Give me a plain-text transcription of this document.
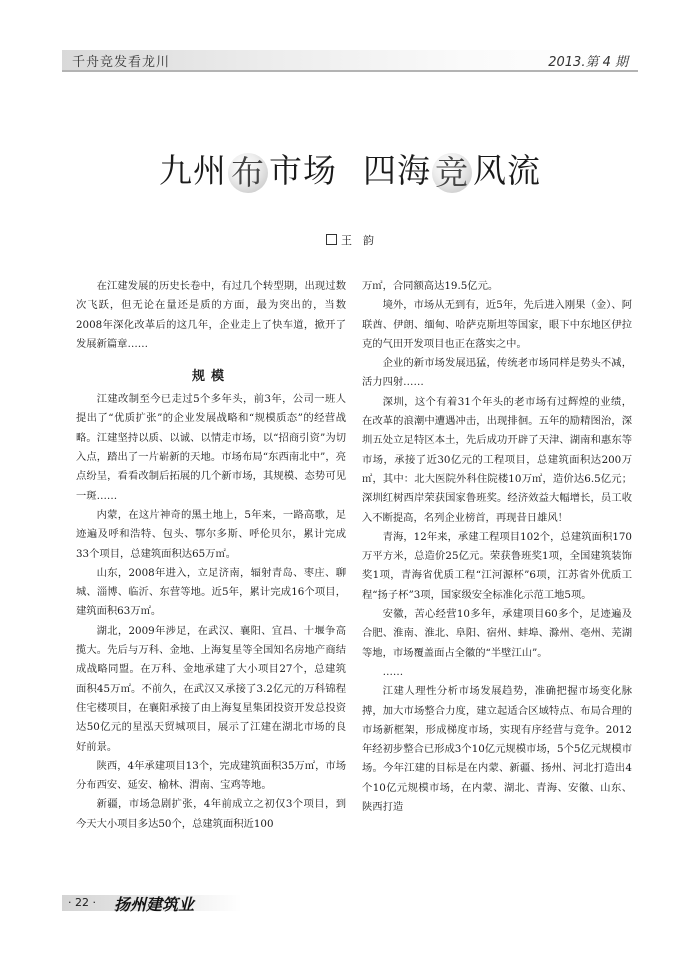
千舟竞发看龙川	2013.第 4 期
九州 布 市场 四海 竞 风流
王　韵

在江建发展的历史长卷中，有过几个转型期，出现过数次飞跃，但无论在量还是质的方面，最为突出的，当数2008年深化改革后的这几年，企业走上了快车道，掀开了发展新篇章……

规模

江建改制至今已走过5个多年头，前3年，公司一班人提出了“优质扩张”的企业发展战略和“规模质态”的经营战略。江建坚持以质、以诚、以情走市场，以“招商引资”为切入点，踏出了一片崭新的天地。市场布局“东西南北中”，亮点纷呈，看看改制后拓展的几个新市场，其规模、态势可见一斑……

内蒙，在这片神奇的黑土地上，5年来，一路高歌，足迹遍及呼和浩特、包头、鄂尔多斯、呼伦贝尔，累计完成33个项目，总建筑面积达65万㎡。

山东，2008年进入，立足济南，辐射青岛、枣庄、聊城、淄博、临沂、东营等地。近5年，累计完成16个项目，建筑面积63万㎡。

湖北，2009年涉足，在武汉、襄阳、宜昌、十堰争高揽大。先后与万科、金地、上海复星等全国知名房地产商结成战略同盟。在万科、金地承建了大小项目27个，总建筑面积45万㎡。不前久，在武汉又承接了3.2亿元的万科锦程住宅楼项目，在襄阳承接了由上海复星集团投资开发总投资达50亿元的星泓天贸城项目，展示了江建在湖北市场的良好前景。

陕西，4年承建项目13个，完成建筑面积35万㎡，市场分布西安、延安、榆林、渭南、宝鸡等地。

新疆，市场急剧扩张，4年前成立之初仅3个项目，到今天大小项目多达50个，总建筑面积近100

万㎡，合同额高达19.5亿元。

境外，市场从无到有，近5年，先后进入刚果（金）、阿联酋、伊朗、缅甸、哈萨克斯坦等国家，眼下中东地区伊拉克的气田开发项目也正在落实之中。

企业的新市场发展迅猛，传统老市场同样是势头不减，活力四射……

深圳，这个有着31个年头的老市场有过辉煌的业绩，在改革的浪潮中遭遇冲击，出现排徊。五年的励精图治，深圳五处立足特区本土，先后成功开辟了天津、湖南和惠东等市场，承接了近30亿元的工程项目，总建筑面积达200万㎡，其中：北大医院外科住院楼10万㎡，造价达6.5亿元；深圳红树西岸荣获国家鲁班奖。经济效益大幅增长，员工收入不断提高，名列企业榜首，再现昔日雄风！

青海，12年来，承建工程项目102个，总建筑面积170万平方米，总造价25亿元。荣获鲁班奖1项，全国建筑装饰奖1项，青海省优质工程“江河源杯”6项，江苏省外优质工程“扬子杯”3项，国家级安全标准化示范工地5项。

安徽，苦心经营10多年，承建项目60多个，足迹遍及合肥、淮南、淮北、阜阳、宿州、蚌埠、滁州、亳州、芜湖等地，市场覆盖面占全徽的“半壁江山”。

……

江建人理性分析市场发展趋势，准确把握市场变化脉搏，加大市场整合力度，建立起适合区域特点、布局合理的市场新框架，形成梯度市场，实现有序经营与竞争。2012年经初步整合已形成3个10亿元规模市场，5个5亿元规模市场。今年江建的目标是在内蒙、新疆、扬州、河北打造出4个10亿元规模市场，在内蒙、湖北、青海、安徽、山东、陕西打造

· 22 · 扬州建筑业
